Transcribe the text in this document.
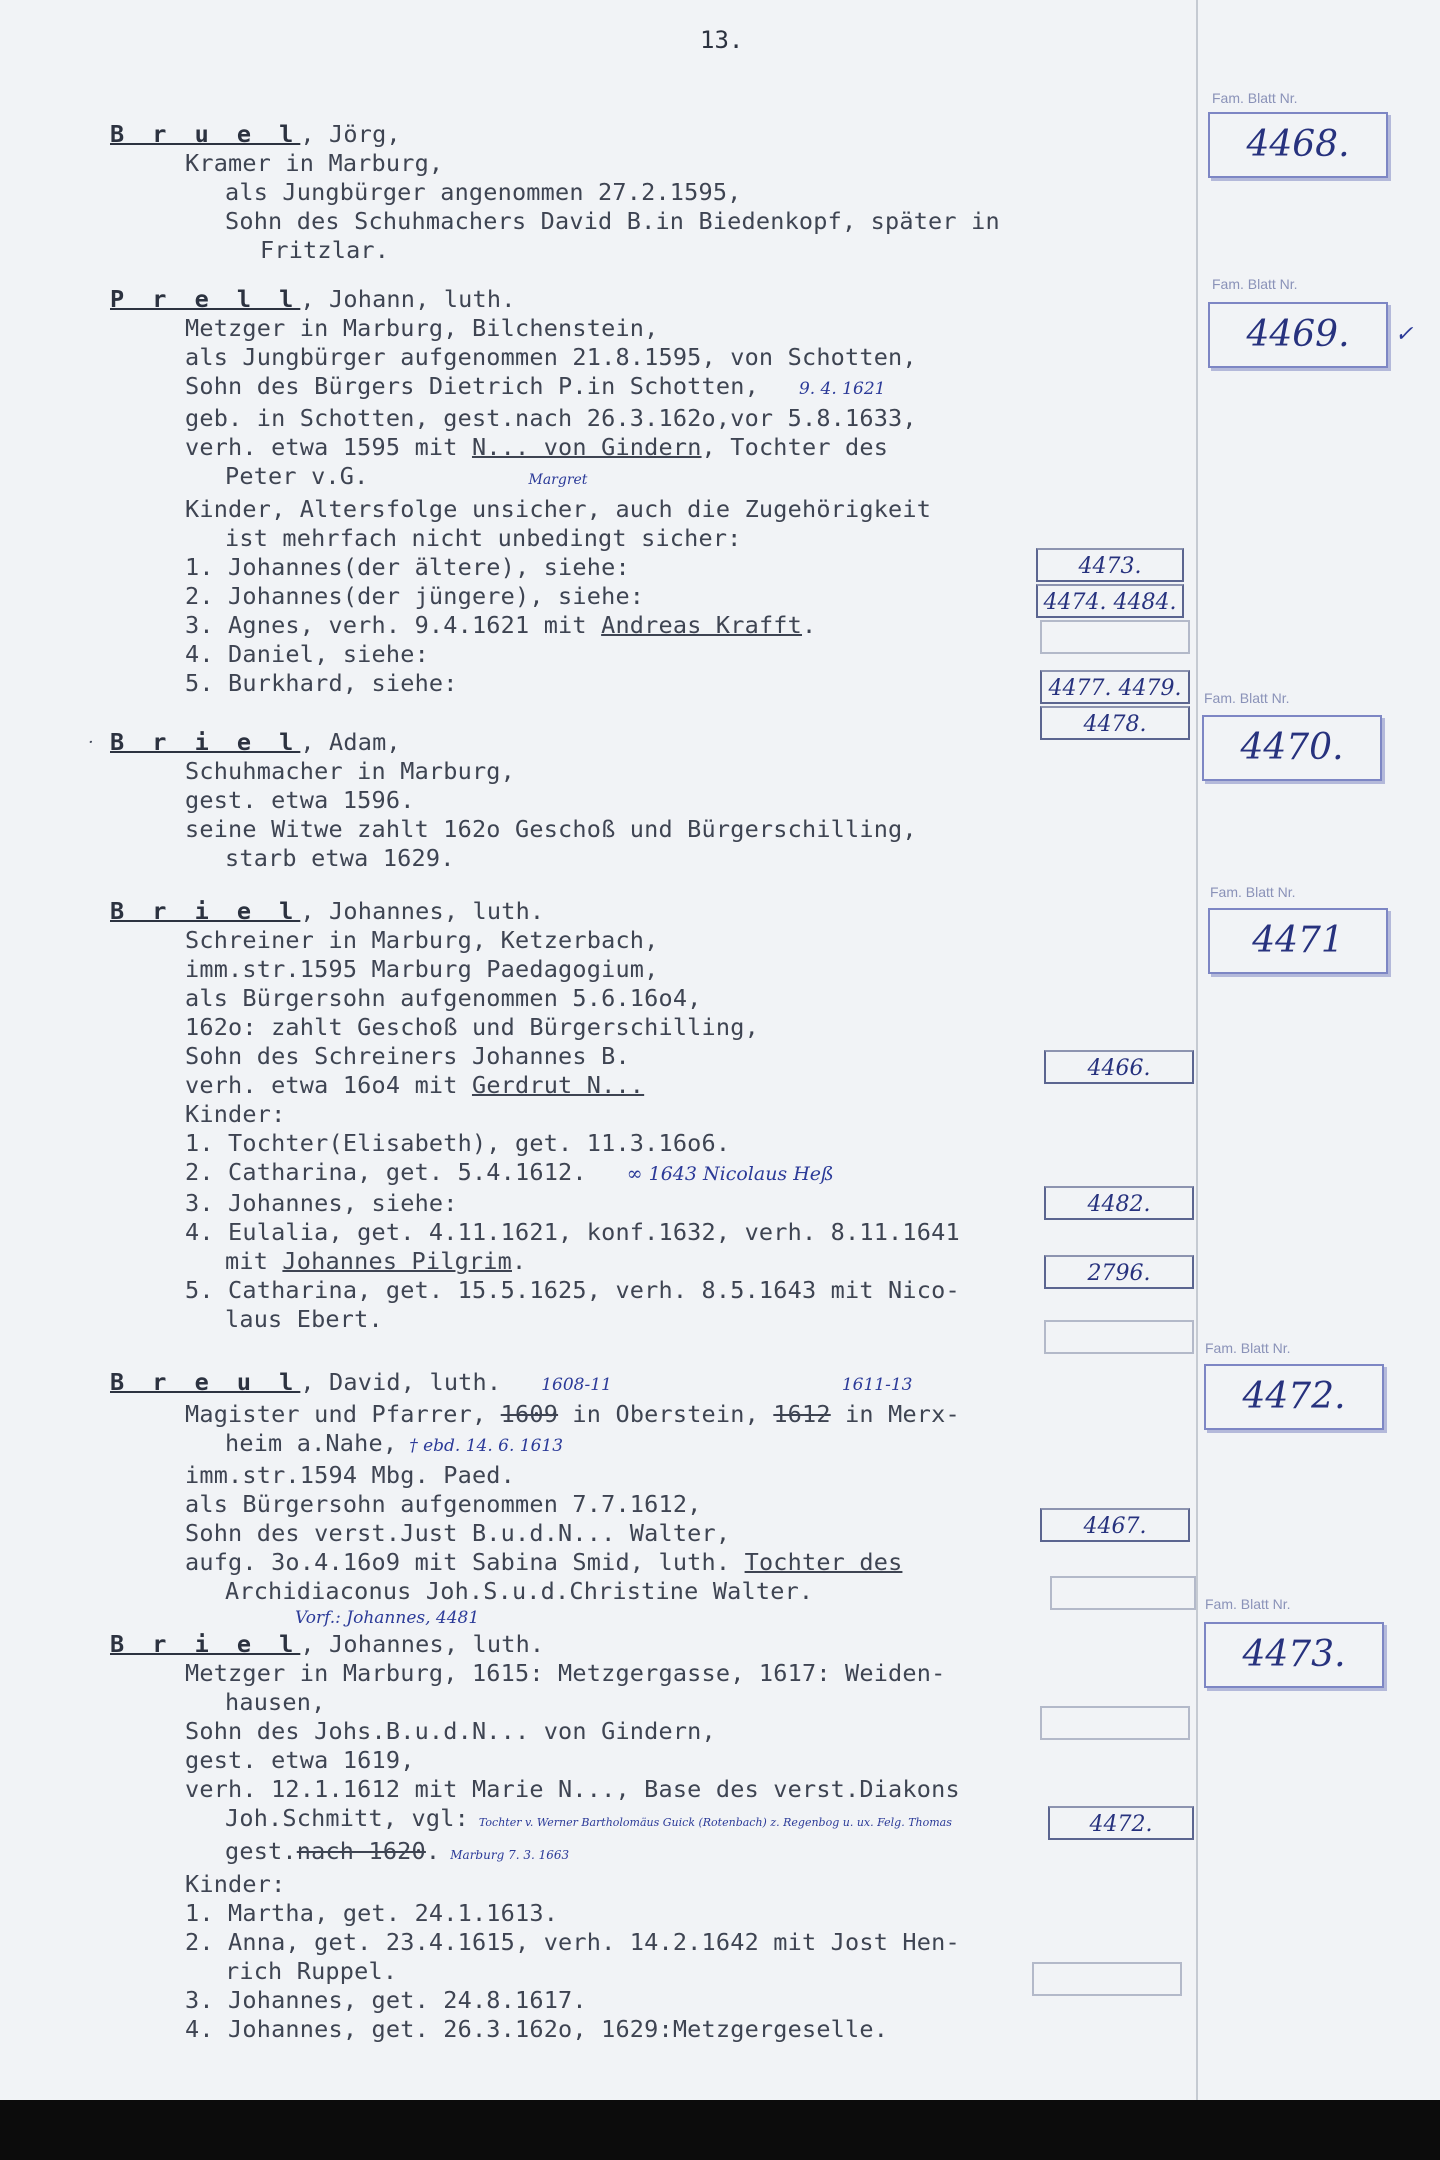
13.
B r u e l, Jörg,
Kramer in Marburg,
als Jungbürger angenommen 27.2.1595,
Sohn des Schuhmachers David B.in Biedenkopf, später in
Fritzlar.
P r e l l, Johann, luth.
Metzger in Marburg, Bilchenstein,
als Jungbürger aufgenommen 21.8.1595, von Schotten,
Sohn des Bürgers Dietrich P.in Schotten, 9. 4. 1621
geb. in Schotten, gest.nach 26.3.162o,vor 5.8.1633,
verh. etwa 1595 mit N... von Gindern, Tochter des
Peter v.G.	Margret
Kinder, Altersfolge unsicher, auch die Zugehörigkeit
ist mehrfach nicht unbedingt sicher:
1. Johannes(der ältere), siehe:
2. Johannes(der jüngere), siehe:
3. Agnes, verh. 9.4.1621 mit Andreas Krafft.
4. Daniel, siehe:
5. Burkhard, siehe:
B r i e l, Adam,
Schuhmacher in Marburg,
gest. etwa 1596.
seine Witwe zahlt 162o Geschoß und Bürgerschilling,
starb etwa 1629.
B r i e l, Johannes, luth.
Schreiner in Marburg, Ketzerbach,
imm.str.1595 Marburg Paedagogium,
als Bürgersohn aufgenommen 5.6.16o4,
162o: zahlt Geschoß und Bürgerschilling,
Sohn des Schreiners Johannes B.
verh. etwa 16o4 mit Gerdrut N...
Kinder:
1. Tochter(Elisabeth), get. 11.3.16o6.
2. Catharina, get. 5.4.1612. ∞ 1643 Nicolaus Heß
3. Johannes, siehe:
4. Eulalia, get. 4.11.1621, konf.1632, verh. 8.11.1641
mit Johannes Pilgrim.
5. Catharina, get. 15.5.1625, verh. 8.5.1643 mit Nico-
laus Ebert.
B r e u l, David, luth. 1608-11	1611-13
Magister und Pfarrer, 1609 in Oberstein, 1612 in Merx-
heim a.Nahe, † ebd. 14. 6. 1613
imm.str.1594 Mbg. Paed.
als Bürgersohn aufgenommen 7.7.1612,
Sohn des verst.Just B.u.d.N... Walter,
aufg. 3o.4.16o9 mit Sabina Smid, luth. Tochter des
Archidiaconus Joh.S.u.d.Christine Walter.
Vorf.: Johannes, 4481
B r i e l, Johannes, luth.
Metzger in Marburg, 1615: Metzgergasse, 1617: Weiden-
hausen,
Sohn des Johs.B.u.d.N... von Gindern,
gest. etwa 1619,
verh. 12.1.1612 mit Marie N..., Base des verst.Diakons
Joh.Schmitt, vgl: Tochter v. Werner Bartholomäus Guick (Rotenbach) z. Regenbog u. ux. Felg. Thomas
gest.nach 1620. Marburg 7. 3. 1663
Kinder:
1. Martha, get. 24.1.1613.
2. Anna, get. 23.4.1615, verh. 14.2.1642 mit Jost Hen-
rich Ruppel.
3. Johannes, get. 24.8.1617.
4. Johannes, get. 26.3.162o, 1629:Metzgergeselle.
Fam. Blatt Nr.
4468.
Fam. Blatt Nr.
4469.	✓
Fam. Blatt Nr.
4470.
Fam. Blatt Nr.
4471
Fam. Blatt Nr.
4472.
Fam. Blatt Nr.
4473.
4473.
4474. 4484.
4477. 4479.
4478.
4466.
4482.
2796.
4467.
4472.
·
